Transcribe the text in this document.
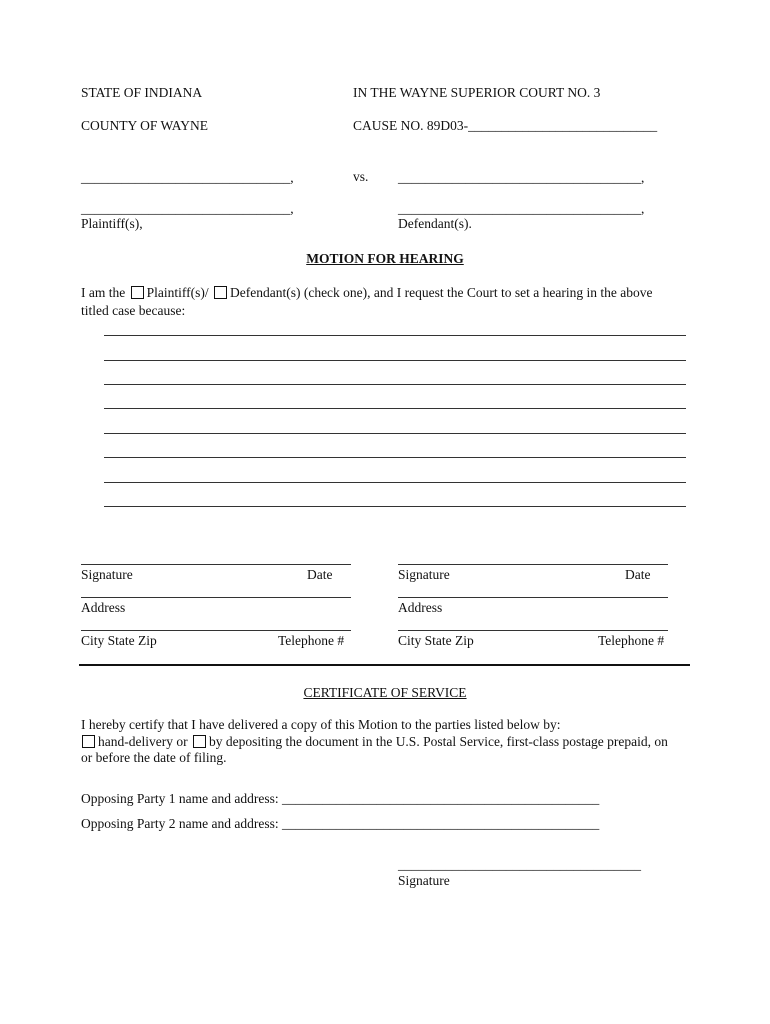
STATE OF INDIANA
COUNTY OF WAYNE
IN THE WAYNE SUPERIOR COURT NO. 3
CAUSE NO. 89D03-____________________________
_______________________________,
_______________________________,
Plaintiff(s),
vs. ____________________________________,
____________________________________,
Defendant(s).
MOTION FOR HEARING
I am the Plaintiff(s)/ Defendant(s) (check one), and I request the Court to set a hearing in the above
titled case because:
Signature	Date
Address
City State Zip	Telephone #
Signature	Date
Address
City State Zip	Telephone #
CERTIFICATE OF SERVICE
I hereby certify that I have delivered a copy of this Motion to the parties listed below by:
hand-delivery or by depositing the document in the U.S. Postal Service, first-class postage prepaid, on
or before the date of filing.
Opposing Party 1 name and address: _______________________________________________
Opposing Party 2 name and address: _______________________________________________
____________________________________
Signature
